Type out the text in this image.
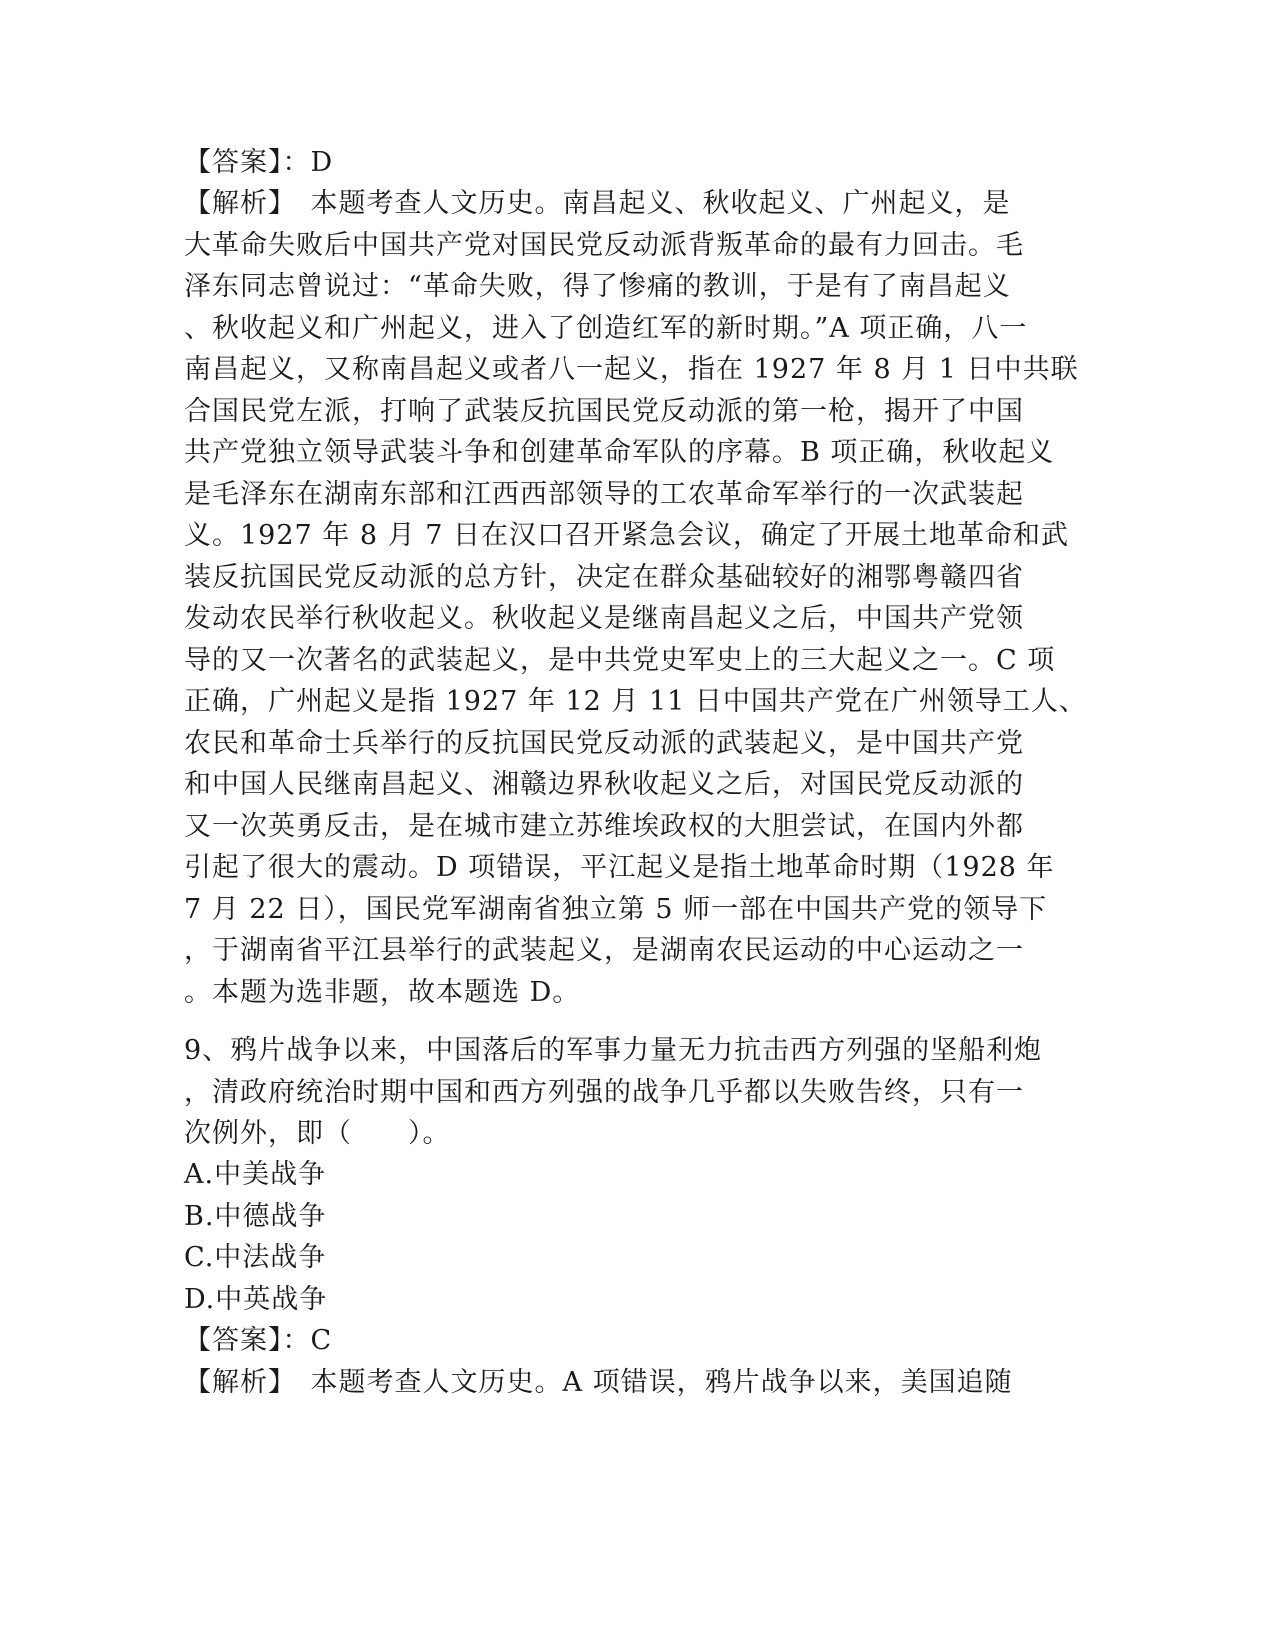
【答案】：D
【解析】　本题考查人文历史。南昌起义、秋收起义、广州起义，是
大革命失败后中国共产党对国民党反动派背叛革命的最有力回击。毛
泽东同志曾说过：“革命失败，得了惨痛的教训，于是有了南昌起义
、秋收起义和广州起义，进入了创造红军的新时期。”A 项正确，八一
南昌起义，又称南昌起义或者八一起义，指在 1927 年 8 月 1 日中共联
合国民党左派，打响了武装反抗国民党反动派的第一枪，揭开了中国
共产党独立领导武装斗争和创建革命军队的序幕。B 项正确，秋收起义
是毛泽东在湖南东部和江西西部领导的工农革命军举行的一次武装起
义。1927 年 8 月 7 日在汉口召开紧急会议，确定了开展土地革命和武
装反抗国民党反动派的总方针，决定在群众基础较好的湘鄂粤赣四省
发动农民举行秋收起义。秋收起义是继南昌起义之后，中国共产党领
导的又一次著名的武装起义，是中共党史军史上的三大起义之一。C 项
正确，广州起义是指 1927 年 12 月 11 日中国共产党在广州领导工人、
农民和革命士兵举行的反抗国民党反动派的武装起义，是中国共产党
和中国人民继南昌起义、湘赣边界秋收起义之后，对国民党反动派的
又一次英勇反击，是在城市建立苏维埃政权的大胆尝试，在国内外都
引起了很大的震动。D 项错误，平江起义是指土地革命时期（1928 年
7 月 22 日），国民党军湖南省独立第 5 师一部在中国共产党的领导下
，于湖南省平江县举行的武装起义，是湖南农民运动的中心运动之一
。本题为选非题，故本题选 D。
9、鸦片战争以来，中国落后的军事力量无力抗击西方列强的坚船利炮
，清政府统治时期中国和西方列强的战争几乎都以失败告终，只有一
次例外，即（　　）。
A.中美战争
B.中德战争
C.中法战争
D.中英战争
【答案】：C
【解析】　本题考查人文历史。A 项错误，鸦片战争以来，美国追随
